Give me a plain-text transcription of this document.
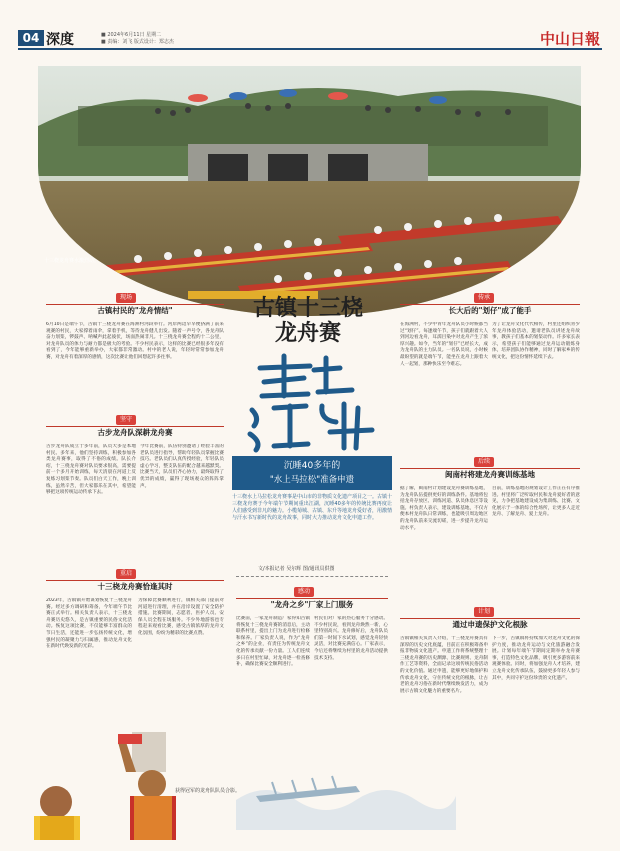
04 深度	■ 2024年6月11日 星期二
■ 责编：刘飞 版式设计：郑志杰	中山日報
十三桡龙舟赛水激烈动。
现场
古镇村民的"龙舟情结"
6月10日是端午节，古镇十三桡龙舟赛在海洲村河段举行。河岸两边早早便挤满了前来观赛的村民，大家撑着雨伞，拿着手机，等待龙舟健儿出发。随着一声号令，各龙舟队奋力划桨，锣鼓声、呐喊声此起彼伏，场面热闹非凡。十三桡龙舟赛全程约十二公里，对龙舟队员的体力与耐力都是极大的考验。不少村民表示，这样的比赛已经很多年没有看到了，今年能够重新举办，大家都非常激动。村中的老人说，年轻时常常参加龙舟赛，对龙舟有着深厚的感情，这次比赛让他们回想起许多往事。
坚守
古步龙舟队深耕龙舟赛
古步龙舟队成立于多年前，队员大多是本地村民。多年来，他们坚持训练，积极参加各类龙舟赛事，取得了不俗的成绩。队长介绍，十三桡龙舟赛对队员要求很高，需要提前一个多月开始训练，每天清晨在河道上反复练习划桨节奏。队员们白天工作，晚上训练，虽然辛苦，但大家都乐在其中，希望能够把这项传统运动传承下去。
今年比赛前，队伍特别邀请了经验丰富的老队员进行指导，帮助年轻队员掌握比赛技巧。老队员们认真传授经验，年轻队员虚心学习，整支队伍的配合越来越默契。比赛当天，队员们齐心协力，最终取得了优异的成绩，赢得了现场观众的阵阵掌声。
重启
十三桡龙舟赛恰逢其时
2023年，古镇镇开始谋划恢复十三桡龙舟赛。经过多方调研和筹备，今年端午节比赛正式举行。相关负责人表示，十三桡龙舟赛历史悠久，是古镇重要的民俗文化活动。恢复这项比赛，不仅能够丰富群众的节日生活，还能进一步弘扬传统文化，增强村民的凝聚力与归属感，推动龙舟文化在新时代焕发新的光彩。
为保障比赛顺利进行，镇相关部门提前对河道进行清理，并在沿岸设置了安全防护措施。比赛期间，志愿者、医护人员、安保人员全程在场服务。不少外地游客也专程赶来观看比赛，感受古镇浓厚的龙舟文化氛围，纷纷为精彩的比赛点赞。
获得冠军的龙舟队队员合影。
古镇十三桡
龙舟赛
沉睡40多年的
"水上马拉松"准备申遗
十三桡水上马拉松龙舟赛事是中山市的非物质文化遗产项目之一。古镇十三桡龙舟赛于今年端午节期间重出江湖，沉睡40多年的传统比赛再度让人们感受到非凡的魅力。小榄菊城、古镇、东升等地龙舟爱好者，用激情与汗水书写新时代的龙舟故事，同时大力推动龙舟文化申遗工作。
文/本报记者 吴尔辉 图/通讯员供图
感动
"龙舟之乡"厂家上门服务
比赛前，一家龙舟制造厂家得知古镇将恢复十三桡龙舟赛的消息后，主动联系村里，提出上门为龙舟进行检修和保养。厂家负责人说，作为“龙舟之乡”的企业，有责任为传统龙舟文化的传承贡献一份力量。工人们连续多日在村里忙碌，对龙舟逐一检查修补，确保比赛安全顺利进行。
村民们对厂家的热心服务十分感动。不少村民说，看到龙舟焕然一新，心里特别高兴。龙舟修好后，龙舟队员们第一时间下水试划，感觉龙舟轻快灵活，对比赛充满信心。厂家表示，今后还将继续为村里的龙舟活动提供技术支持。
传承
长大后的"划仔"成了能手
在海洲村，不少中青年龙舟队员小时候都当过“划仔”。每逢端午节，孩子们就跟着大人到河边看龙舟，耳濡目染中对龙舟产生了浓厚兴趣。如今，当年的“划仔”已经长大，成为龙舟队的主力队员。一名队员说，小时候最盼望的就是端午节，能坐在龙舟上跟着大人一起划，那种快乐至今难忘。
为了让龙舟文化代代相传，村里还组织青少年龙舟体验活动，邀请老队员讲述龙舟故事，教孩子们基本的划桨动作。许多家长表示，希望孩子们能够通过龙舟运动锻炼身体，培养团队协作精神，同时了解家乡的传统文化，把这份情怀延续下去。
后续
闽南村将建龙舟赛训练基地
据了解，闽南村计划建设龙舟赛训练基地，为龙舟队伍提供更好的训练条件。基地将包括龙舟存放区、训练河道、队员休息区等设施。村负责人表示，建设训练基地，不仅方便本村龙舟队日常训练，也能吸引周边地区的龙舟队前来交流切磋，进一步提升龙舟运动水平。
目前，训练基地的规划设计工作正在有序推进。村里将广泛听取村民和龙舟爱好者的意见，力争把基地建设成为集训练、比赛、文化展示于一体的综合性场所，让更多人走近龙舟、了解龙舟、爱上龙舟。
计划
通过申遗保护文化根脉
古镇镇相关负责人介绍，十三桡龙舟赛具有深厚的历史文化底蕴，目前正在积极筹备申报非物质文化遗产。申遗工作将系统整理十三桡龙舟赛的历史渊源、比赛规则、龙舟制作工艺等资料，全面记录这项传统民俗活动的文化价值。通过申遗，能够更好地保护和传承龙舟文化，守住传统文化的根脉，让古老的龙舟习俗在新时代继续焕发活力，成为展示古镇文化魅力的重要名片。
下一步，古镇镇将持续加大对龙舟文化的保护力度，推动龙舟运动与文化旅游融合发展。计划每年端午节期间定期举办龙舟赛事，打造特色文化品牌，吸引更多游客前来观赛体验。同时，将加强龙舟人才培养，建立龙舟文化传承队伍，鼓励更多年轻人参与其中，共同守护这份珍贵的文化遗产。
